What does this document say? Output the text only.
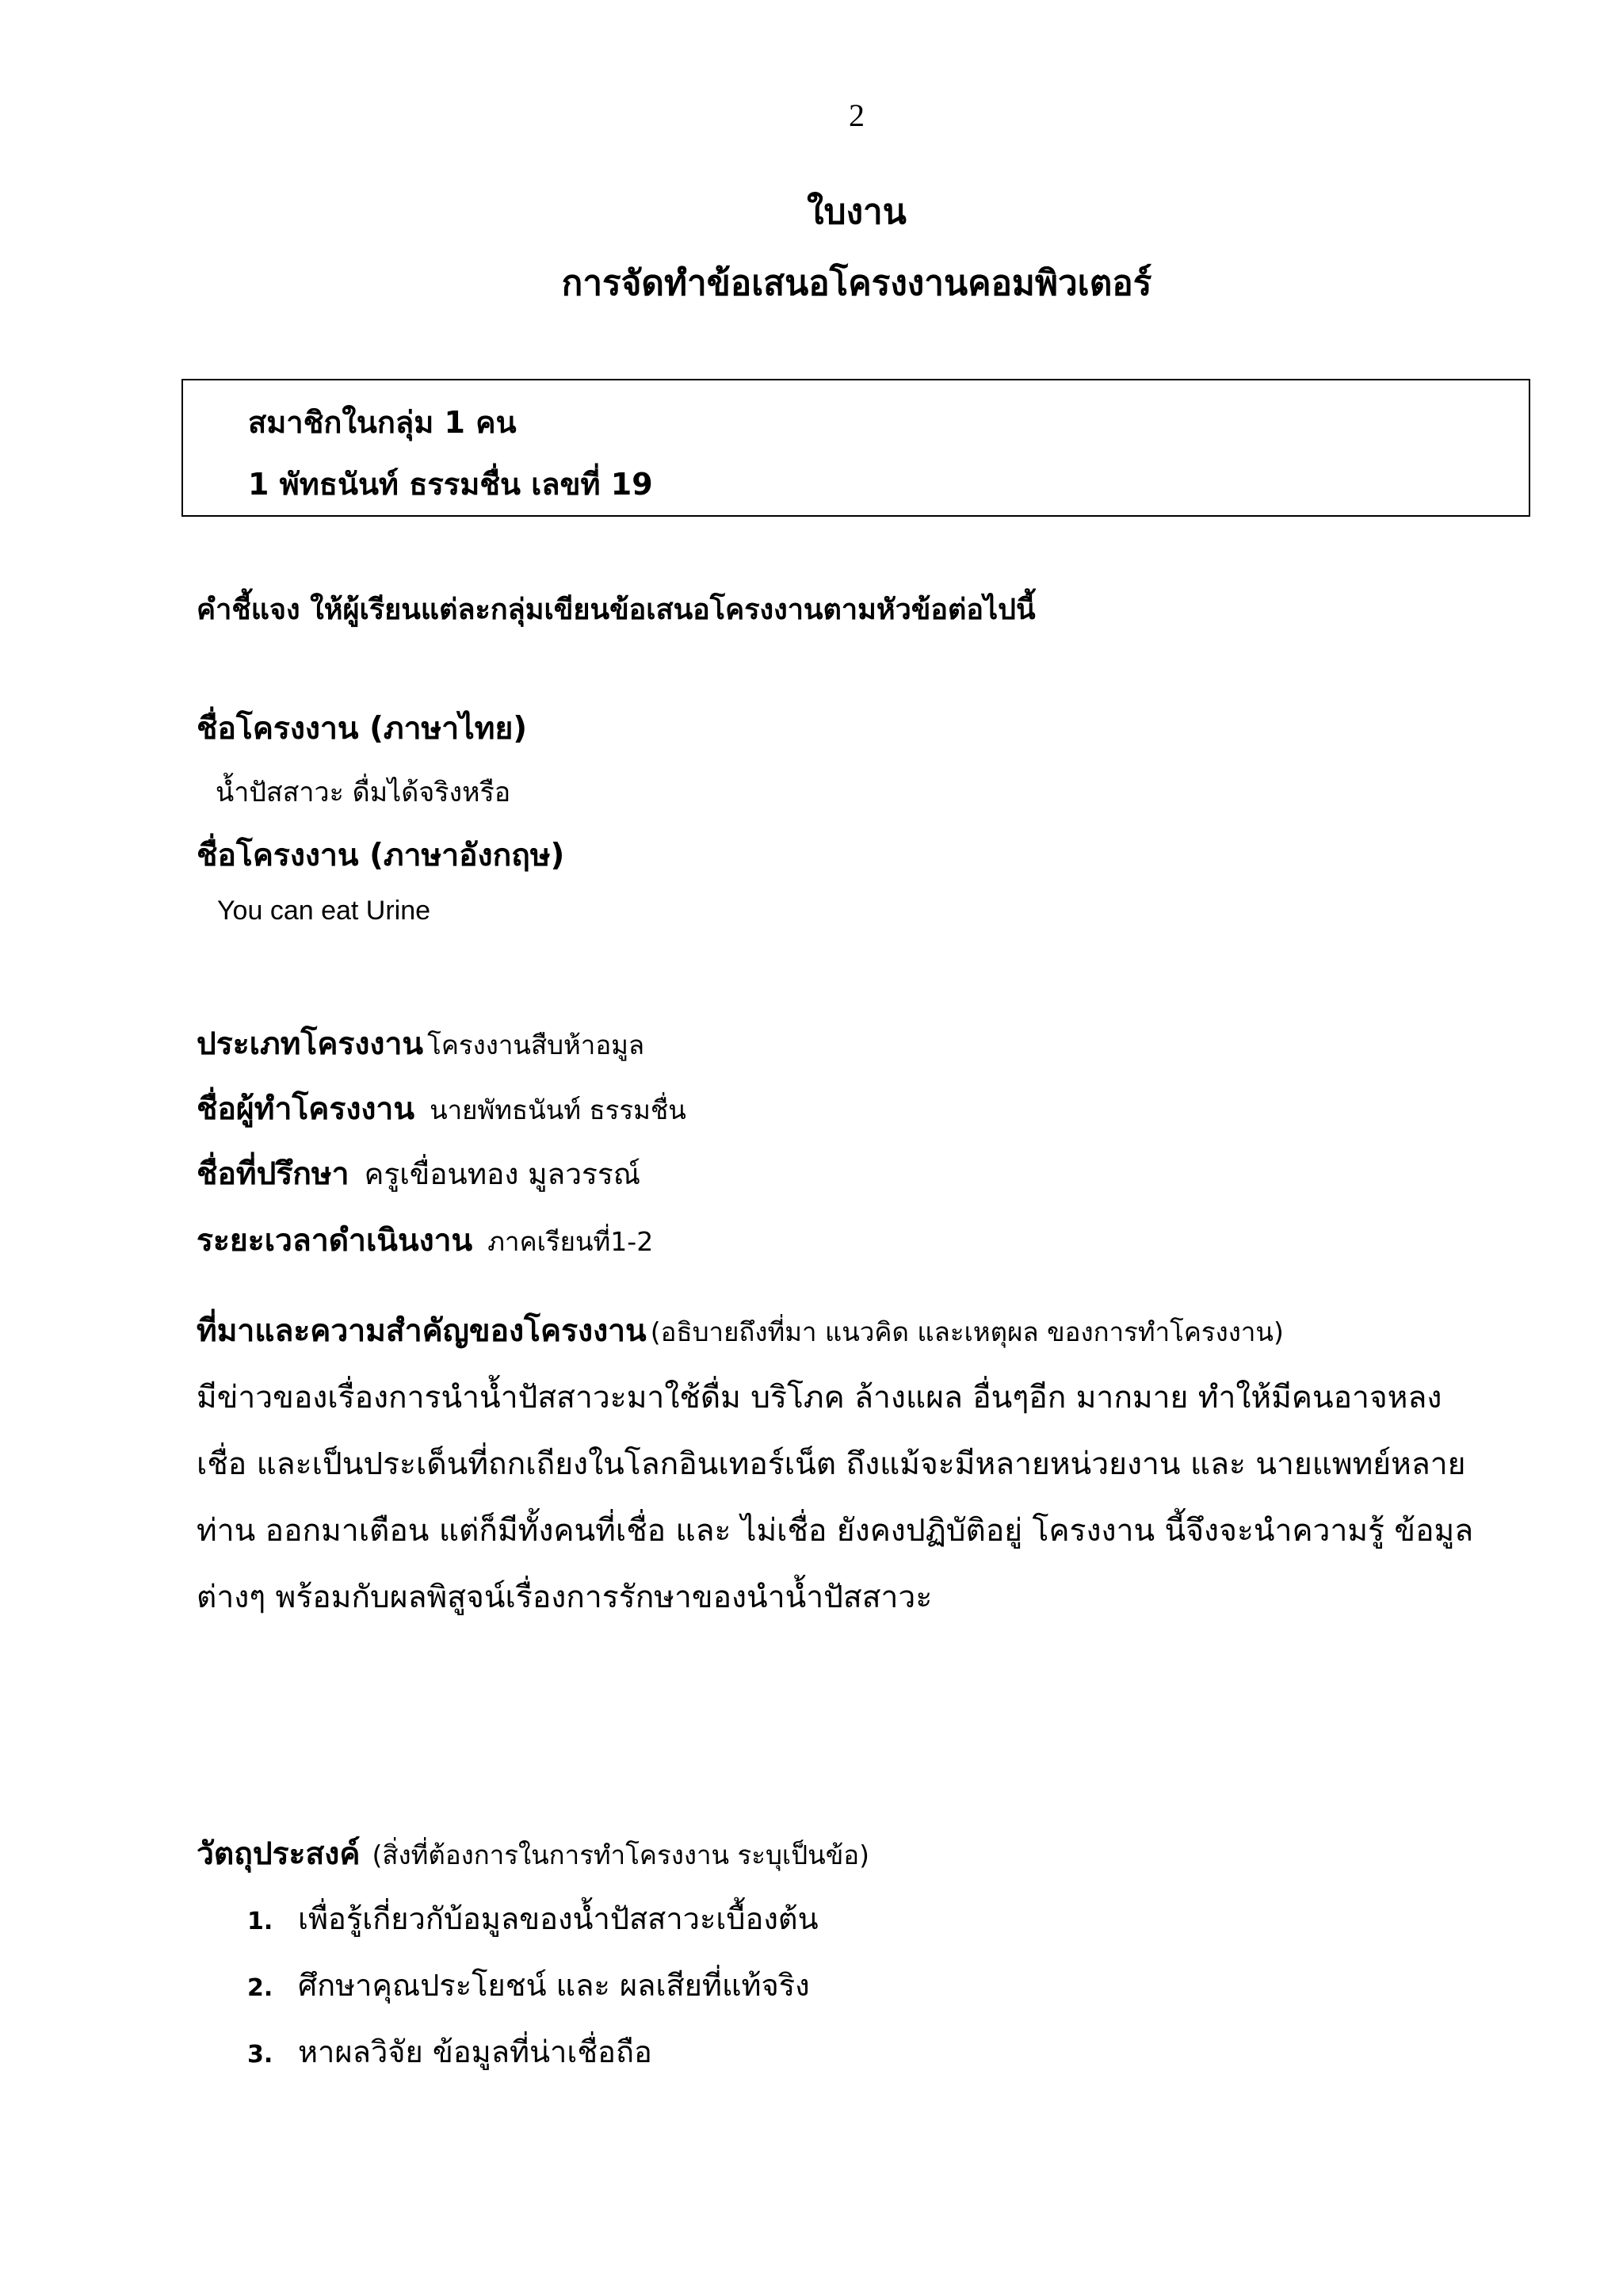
2
ใบงาน
การจัดทำข้อเสนอโครงงานคอมพิวเตอร์
สมาชิกในกลุ่ม 1 คน
1 พัทธนันท์ ธรรมชื่น เลขที่ 19
คำชี้แจง ให้ผู้เรียนแต่ละกลุ่มเขียนข้อเสนอโครงงานตามหัวข้อต่อไปนี้
ชื่อโครงงาน (ภาษาไทย)
น้ำปัสสาวะ ดื่มได้จริงหรือ
ชื่อโครงงาน (ภาษาอังกฤษ)
You can eat Urine
ประเภทโครงงาน โครงงานสืบห้าอมูล
ชื่อผู้ทำโครงงาน นายพัทธนันท์ ธรรมชื่น
ชื่อที่ปรึกษา ครูเขื่อนทอง มูลวรรณ์
ระยะเวลาดำเนินงาน ภาคเรียนที่1-2
ที่มาและความสำคัญของโครงงาน (อธิบายถึงที่มา แนวคิด และเหตุผล ของการทำโครงงาน)
มีข่าวของเรื่องการนำน้ำปัสสาวะมาใช้ดื่ม บริโภค ล้างแผล อื่นๆอีก มากมาย ทำให้มีคนอาจหลงเชื่อ และเป็นประเด็นที่ถกเถียงในโลกอินเทอร์เน็ต ถึงแม้จะมีหลายหน่วยงาน และ นายแพทย์หลายท่าน ออกมาเตือน แต่ก็มีทั้งคนที่เชื่อ และ ไม่เชื่อ ยังคงปฏิบัติอยู่ โครงงาน นี้จึงจะนำความรู้ ข้อมูลต่างๆ พร้อมกับผลพิสูจน์เรื่องการรักษาของนำน้ำปัสสาวะ
วัตถุประสงค์ (สิ่งที่ต้องการในการทำโครงงาน ระบุเป็นข้อ)
1. เพื่อรู้เกี่ยวกับ้อมูลของน้ำปัสสาวะเบื้องต้น
2. ศึกษาคุณประโยชน์ และ ผลเสียที่แท้จริง
3. หาผลวิจัย ข้อมูลที่น่าเชื่อถือ
